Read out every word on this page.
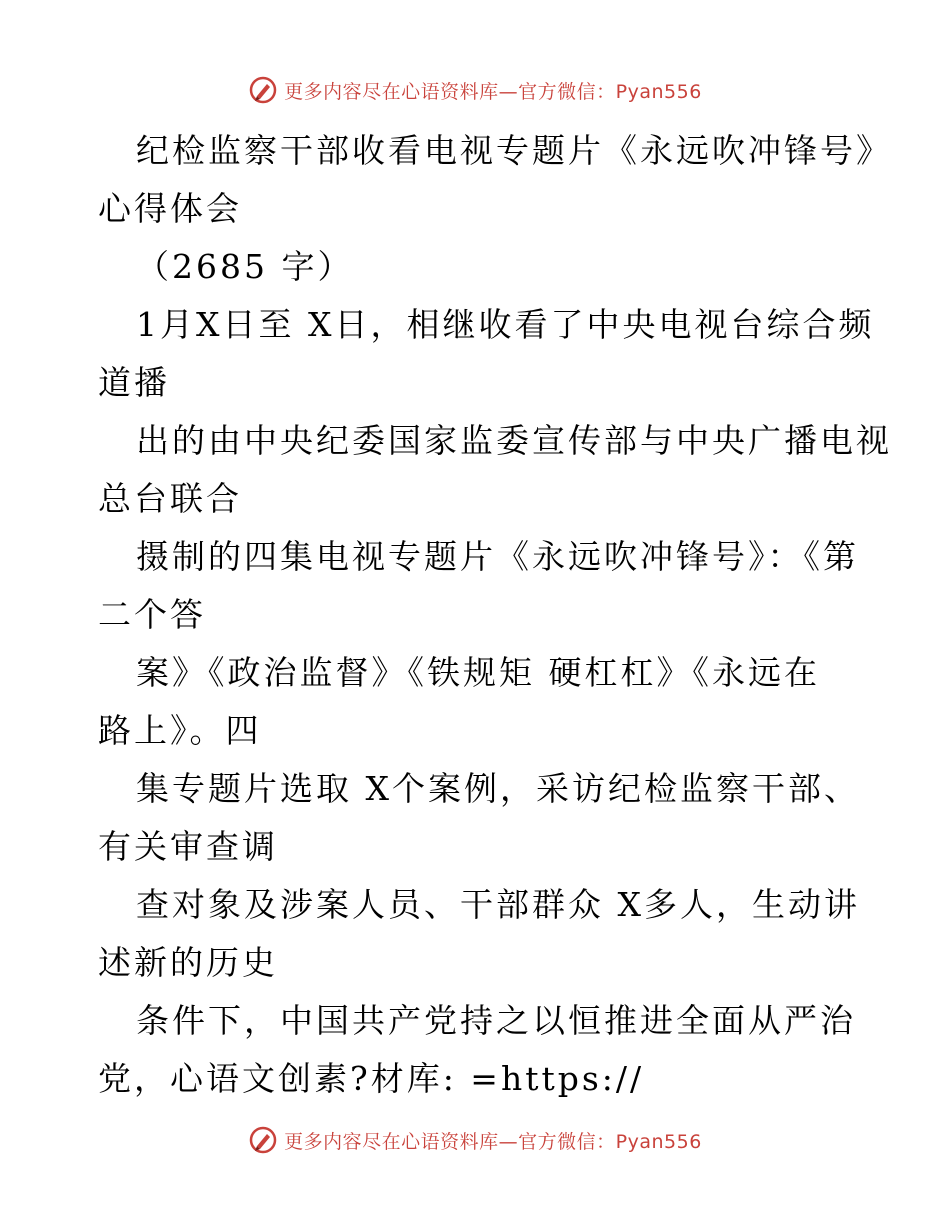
更多内容尽在心语资料库—官方微信：Pyan556
纪检监察干部收看电视专题片《永远吹冲锋号》
心得体会
（2685 字）
1月X日至 X日，相继收看了中央电视台综合频
道播
出的由中央纪委国家监委宣传部与中央广播电视
总台联合
摄制的四集电视专题片《永远吹冲锋号》：《第
二个答
案》《政治监督》《铁规矩 硬杠杠》《永远在
路上》。四
集专题片选取 X个案例，采访纪检监察干部、
有关审查调
查对象及涉案人员、干部群众 X多人，生动讲
述新的历史
条件下，中国共产党持之以恒推进全面从严治
党，心语文创素?材库: =https://
更多内容尽在心语资料库—官方微信：Pyan556
